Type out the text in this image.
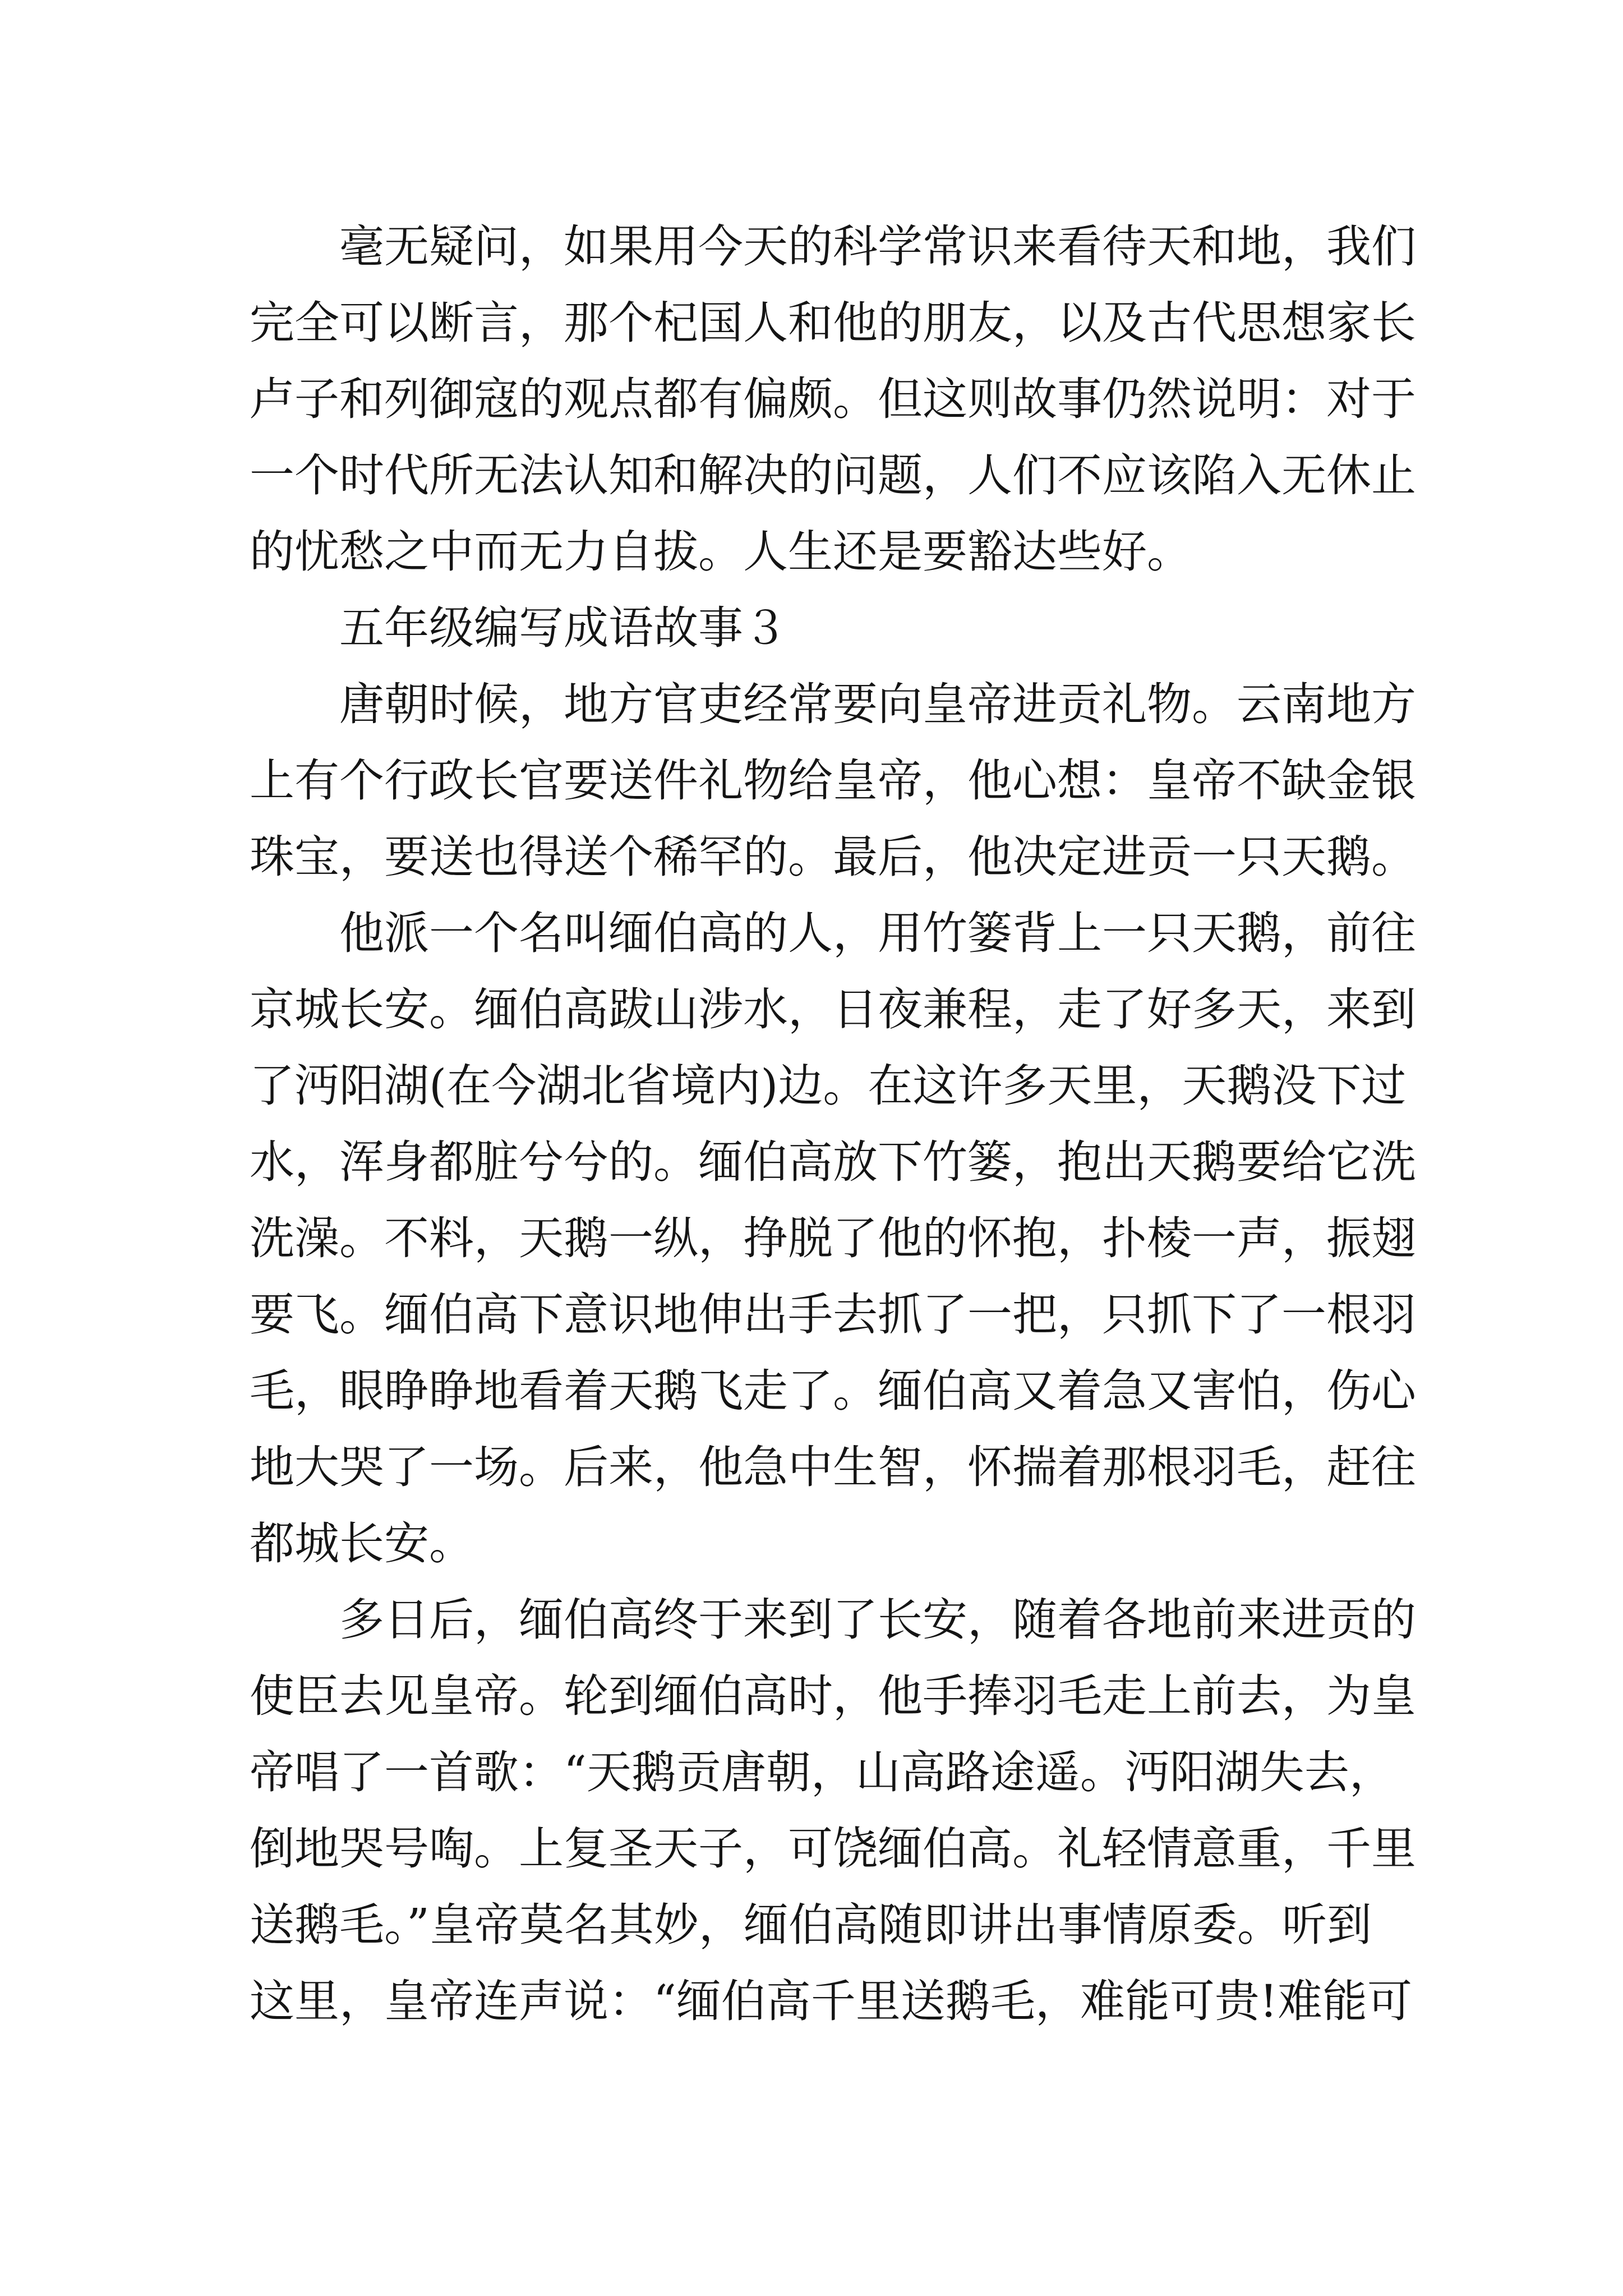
毫无疑问，如果用今天的科学常识来看待天和地，我们
完全可以断言，那个杞国人和他的朋友，以及古代思想家长
卢子和列御寇的观点都有偏颇。但这则故事仍然说明：对于
一个时代所无法认知和解决的问题，人们不应该陷入无休止
的忧愁之中而无力自拔。人生还是要豁达些好。
五年级编写成语故事３
唐朝时候，地方官吏经常要向皇帝进贡礼物。云南地方
上有个行政长官要送件礼物给皇帝，他心想：皇帝不缺金银
珠宝，要送也得送个稀罕的。最后，他决定进贡一只天鹅。
他派一个名叫缅伯高的人，用竹篓背上一只天鹅，前往
京城长安。缅伯高跋山涉水，日夜兼程，走了好多天，来到
了沔阳湖(在今湖北省境内)边。在这许多天里，天鹅没下过
水，浑身都脏兮兮的。缅伯高放下竹篓，抱出天鹅要给它洗
洗澡。不料，天鹅一纵，挣脱了他的怀抱，扑棱一声，振翅
要飞。缅伯高下意识地伸出手去抓了一把，只抓下了一根羽
毛，眼睁睁地看着天鹅飞走了。缅伯高又着急又害怕，伤心
地大哭了一场。后来，他急中生智，怀揣着那根羽毛，赶往
都城长安。
多日后，缅伯高终于来到了长安，随着各地前来进贡的
使臣去见皇帝。轮到缅伯高时，他手捧羽毛走上前去，为皇
帝唱了一首歌：“天鹅贡唐朝，山高路途遥。沔阳湖失去，
倒地哭号啕。上复圣天子，可饶缅伯高。礼轻情意重，千里
送鹅毛。”皇帝莫名其妙，缅伯高随即讲出事情原委。听到
这里，皇帝连声说：“缅伯高千里送鹅毛，难能可贵!难能可
